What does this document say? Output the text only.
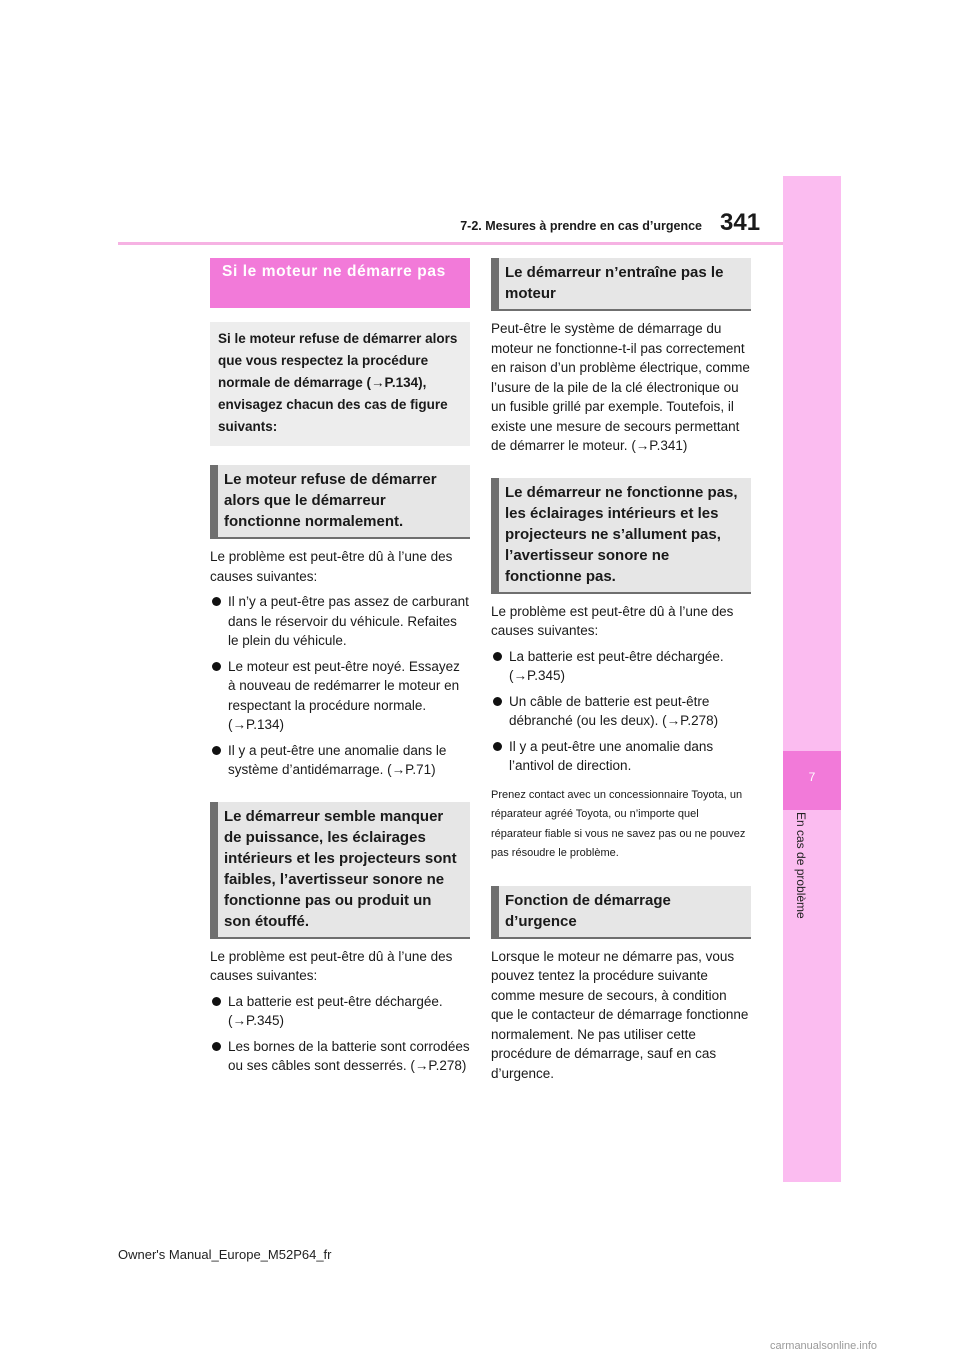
7-2. Mesures à prendre en cas d’urgence 341
7
En cas de problème
Si le moteur ne démarre pas
Si le moteur refuse de démarrer alors que vous respectez la procédure normale de démarrage (→P.134), envisagez chacun des cas de figure suivants:
Le moteur refuse de démarrer alors que le démarreur fonctionne normalement.

Le problème est peut-être dû à l’une des causes suivantes:

Il n’y a peut-être pas assez de carburant dans le réservoir du véhicule. Refaites le plein du véhicule.
Le moteur est peut-être noyé. Essayez à nouveau de redémarrer le moteur en respectant la procédure normale. (→P.134)
Il y a peut-être une anomalie dans le système d’antidémarrage. (→P.71)
Le démarreur semble manquer de puissance, les éclairages intérieurs et les projecteurs sont faibles, l’avertisseur sonore ne fonctionne pas ou produit un son étouffé.

Le problème est peut-être dû à l’une des causes suivantes:

La batterie est peut-être déchargée. (→P.345)
Les bornes de la batterie sont corrodées ou ses câbles sont desserrés. (→P.278)
Le démarreur n’entraîne pas le moteur

Peut-être le système de démarrage du moteur ne fonctionne-t-il pas correctement en raison d’un problème électrique, comme l’usure de la pile de la clé électronique ou un fusible grillé par exemple. Toutefois, il existe une mesure de secours permettant de démarrer le moteur. (→P.341)

Le démarreur ne fonctionne pas, les éclairages intérieurs et les projecteurs ne s’allument pas, l’avertisseur sonore ne fonctionne pas.

Le problème est peut-être dû à l’une des causes suivantes:

La batterie est peut-être déchargée. (→P.345)
Un câble de batterie est peut-être débranché (ou les deux). (→P.278)
Il y a peut-être une anomalie dans l’antivol de direction.

Prenez contact avec un concessionnaire Toyota, un réparateur agréé Toyota, ou n’importe quel réparateur fiable si vous ne savez pas ou ne pouvez pas résoudre le problème.

Fonction de démarrage d’urgence

Lorsque le moteur ne démarre pas, vous pouvez tentez la procédure suivante comme mesure de secours, à condition que le contacteur de démarrage fonctionne normalement. Ne pas utiliser cette procédure de démarrage, sauf en cas d’urgence.

Owner's Manual_Europe_M52P64_fr
carmanualsonline.info
